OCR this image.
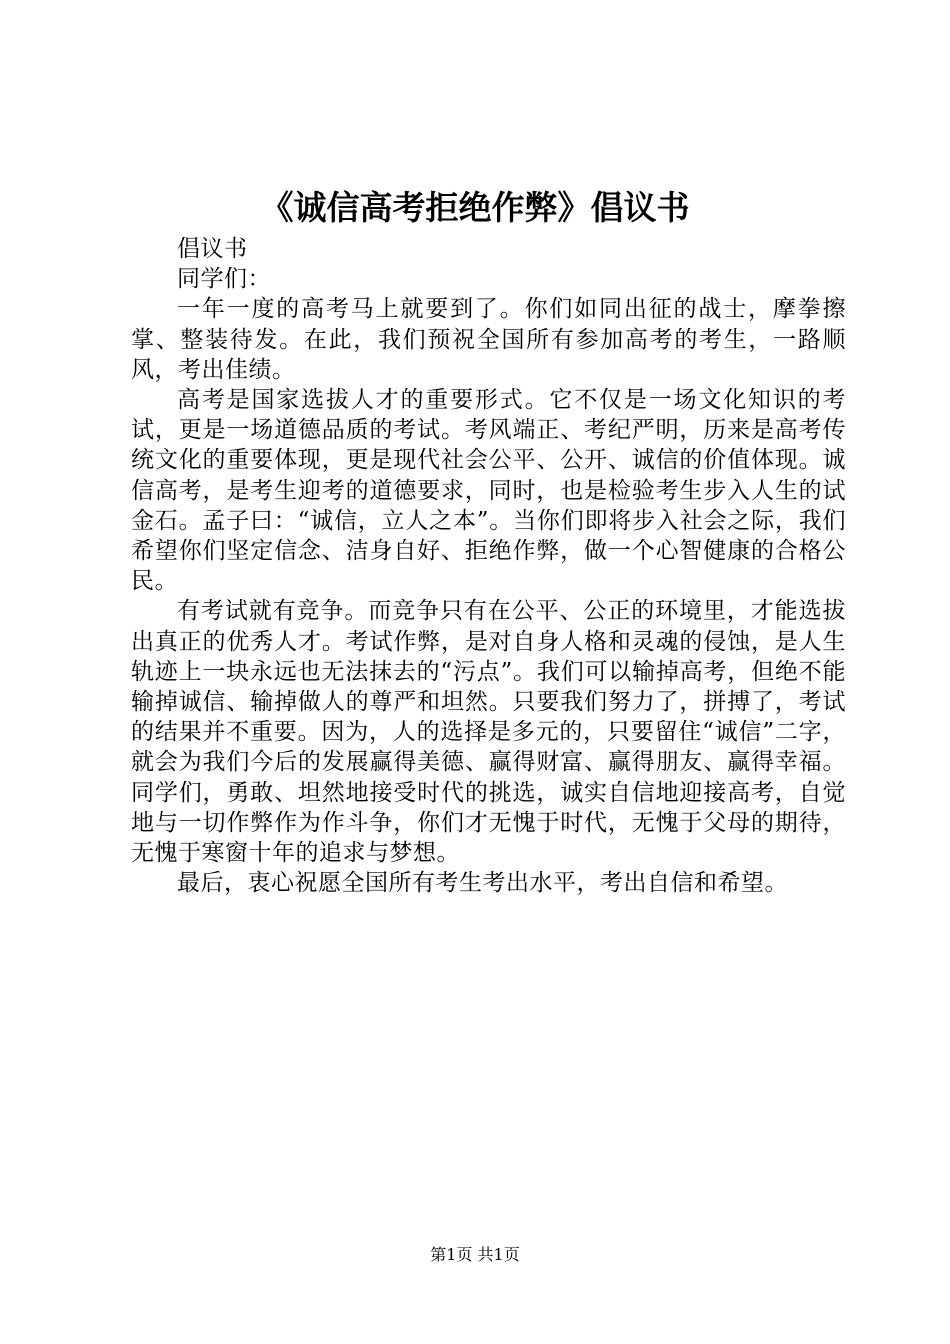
《诚信高考拒绝作弊》倡议书

倡议书

同学们：

一年一度的高考马上就要到了。你们如同出征的战士，摩拳擦掌、整装待发。在此，我们预祝全国所有参加高考的考生，一路顺风，考出佳绩。

高考是国家选拔人才的重要形式。它不仅是一场文化知识的考试，更是一场道德品质的考试。考风端正、考纪严明，历来是高考传统文化的重要体现，更是现代社会公平、公开、诚信的价值体现。诚信高考，是考生迎考的道德要求，同时，也是检验考生步入人生的试金石。孟子曰：“诚信，立人之本”。当你们即将步入社会之际，我们希望你们坚定信念、洁身自好、拒绝作弊，做一个心智健康的合格公民。

有考试就有竞争。而竞争只有在公平、公正的环境里，才能选拔出真正的优秀人才。考试作弊，是对自身人格和灵魂的侵蚀，是人生轨迹上一块永远也无法抹去的“污点”。我们可以输掉高考，但绝不能输掉诚信、输掉做人的尊严和坦然。只要我们努力了，拼搏了，考试的结果并不重要。因为，人的选择是多元的，只要留住“诚信”二字，就会为我们今后的发展赢得美德、赢得财富、赢得朋友、赢得幸福。同学们，勇敢、坦然地接受时代的挑选，诚实自信地迎接高考，自觉地与一切作弊作为作斗争，你们才无愧于时代，无愧于父母的期待，无愧于寒窗十年的追求与梦想。

最后，衷心祝愿全国所有考生考出水平，考出自信和希望。

第1页 共1页
